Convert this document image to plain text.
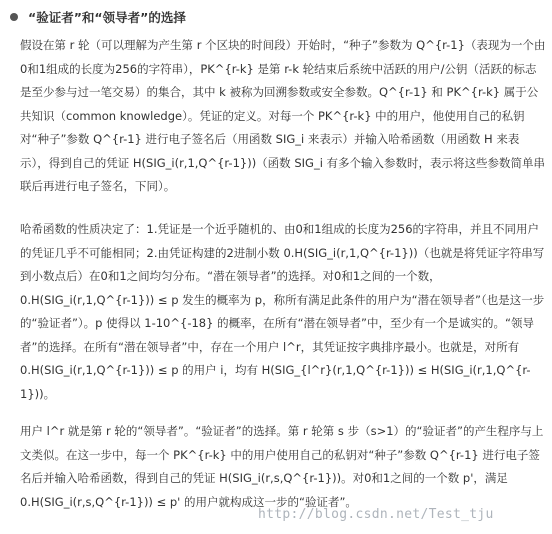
“验证者”和“领导者”的选择
假设在第 r 轮（可以理解为产生第 r 个区块的时间段）开始时，“种子”参数为 Q^{r-1}（表现为一个由0和1组成的长度为256的字符串），PK^{r-k} 是第 r-k 轮结束后系统中活跃的用户/公钥（活跃的标志是至少参与过一笔交易）的集合，其中 k 被称为回溯参数或安全参数。Q^{r-1} 和 PK^{r-k} 属于公共知识（common knowledge）。凭证的定义。对每一个 PK^{r-k} 中的用户，他使用自己的私钥对“种子”参数 Q^{r-1} 进行电子签名后（用函数 SIG_i 来表示）并输入哈希函数（用函数 H 来表示），得到自己的凭证 H(SIG_i(r,1,Q^{r-1}))（函数 SIG_i 有多个输入参数时，表示将这些参数简单串联后再进行电子签名，下同）。
哈希函数的性质决定了：1.凭证是一个近乎随机的、由0和1组成的长度为256的字符串，并且不同用户的凭证几乎不可能相同；2.由凭证构建的2进制小数 0.H(SIG_i(r,1,Q^{r-1}))（也就是将凭证字符串写到小数点后）在0和1之间均匀分布。“潜在领导者”的选择。对0和1之间的一个数，0.H(SIG_i(r,1,Q^{r-1})) ≤ p 发生的概率为 p，称所有满足此条件的用户为“潜在领导者”（也是这一步的“验证者”）。p 使得以 1-10^{-18} 的概率，在所有“潜在领导者”中，至少有一个是诚实的。“领导者”的选择。在所有“潜在领导者”中，存在一个用户 l^r，其凭证按字典排序最小。也就是，对所有 0.H(SIG_i(r,1,Q^{r-1})) ≤ p 的用户 i，均有 H(SIG_{l^r}(r,1,Q^{r-1})) ≤ H(SIG_i(r,1,Q^{r-1}))。
用户 l^r 就是第 r 轮的“领导者”。“验证者”的选择。第 r 轮第 s 步（s>1）的“验证者”的产生程序与上文类似。在这一步中，每一个 PK^{r-k} 中的用户使用自己的私钥对“种子”参数 Q^{r-1} 进行电子签名后并输入哈希函数，得到自己的凭证 H(SIG_i(r,s,Q^{r-1}))。对0和1之间的一个数 p'，满足 0.H(SIG_i(r,s,Q^{r-1})) ≤ p' 的用户就构成这一步的“验证者”。
http://blog.csdn.net/Test_tju
